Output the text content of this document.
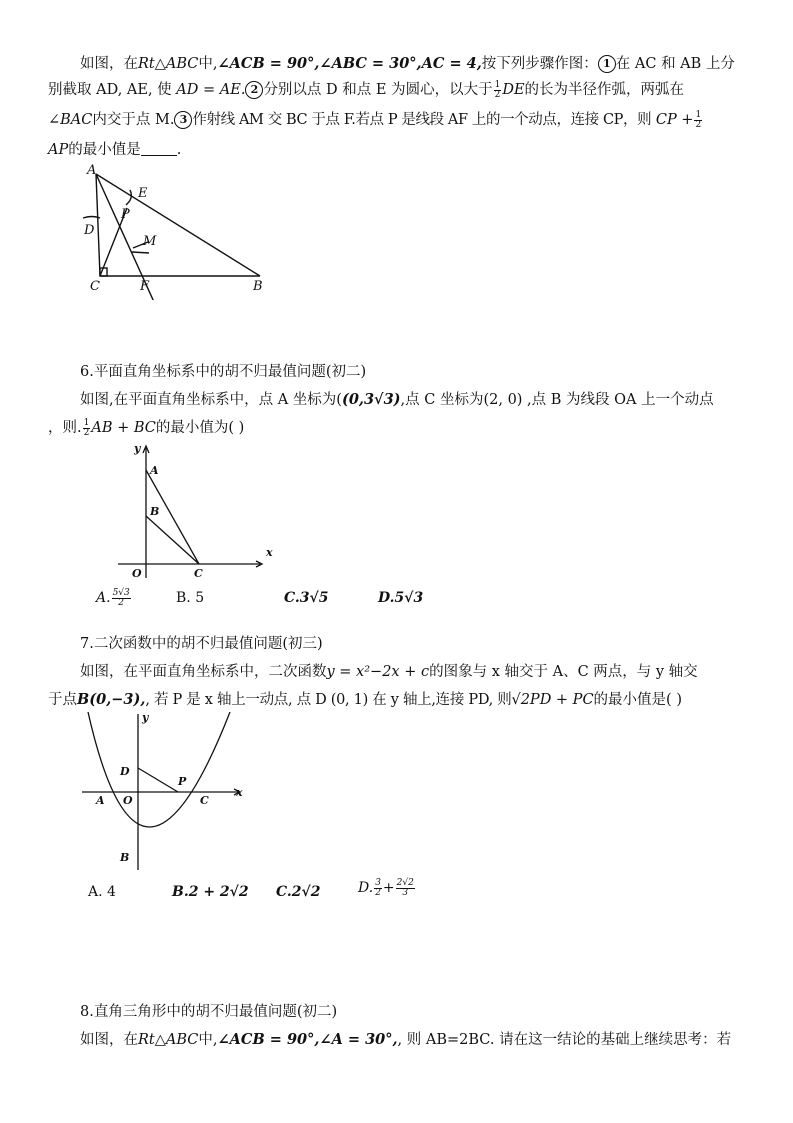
如图，在Rt△ABC中,∠ACB = 90°,∠ABC = 30°,AC = 4,按下列步骤作图： 1 在 AC 和 AB 上分
别截取 AD, AE, 使 AD = AE. 2 分别以点 D 和点 E 为圆心，以大于 $\frac{1}{2}$ DE的长为半径作弧，两弧在
∠BAC内交于点 M. 3 作射线 AM 交 BC 于点 F.若点 P 是线段 AF 上的一个动点，连接 CP，则 CP + $\frac{1}{2}$
AP的最小值是 .
A
E
P
D
M
C	F	B
6.平面直角坐标系中的胡不归最值问题(初二)
如图,在平面直角坐标系中，点 A 坐标为((0,3√3),点 C 坐标为(2, 0) ,点 B 为线段 OA 上一个动点
，则. $\frac{1}{2}$ AB + BC的最小值为( )
y
x
A
B
O	C
A. $\frac{5√3}{2}$	B. 5	C.3√5	D.5√3
7.二次函数中的胡不归最值问题(初三)
如图，在平面直角坐标系中，二次函数y = x²−2x + c的图象与 x 轴交于 A、C 两点，与 y 轴交
于点B(0,−3),, 若 P 是 x 轴上一动点, 点 D (0, 1) 在 y 轴上,连接 PD, 则√2PD + PC的最小值是( )
y
x
D
P
A O	C
B
A. 4	B.2 + 2√2 C.2√2	D. $\frac{3}{2} + \frac{2√2}{3}$
8.直角三角形中的胡不归最值问题(初二)
如图，在Rt△ABC中,∠ACB = 90°,∠A = 30°,, 则 AB=2BC. 请在这一结论的基础上继续思考：若
